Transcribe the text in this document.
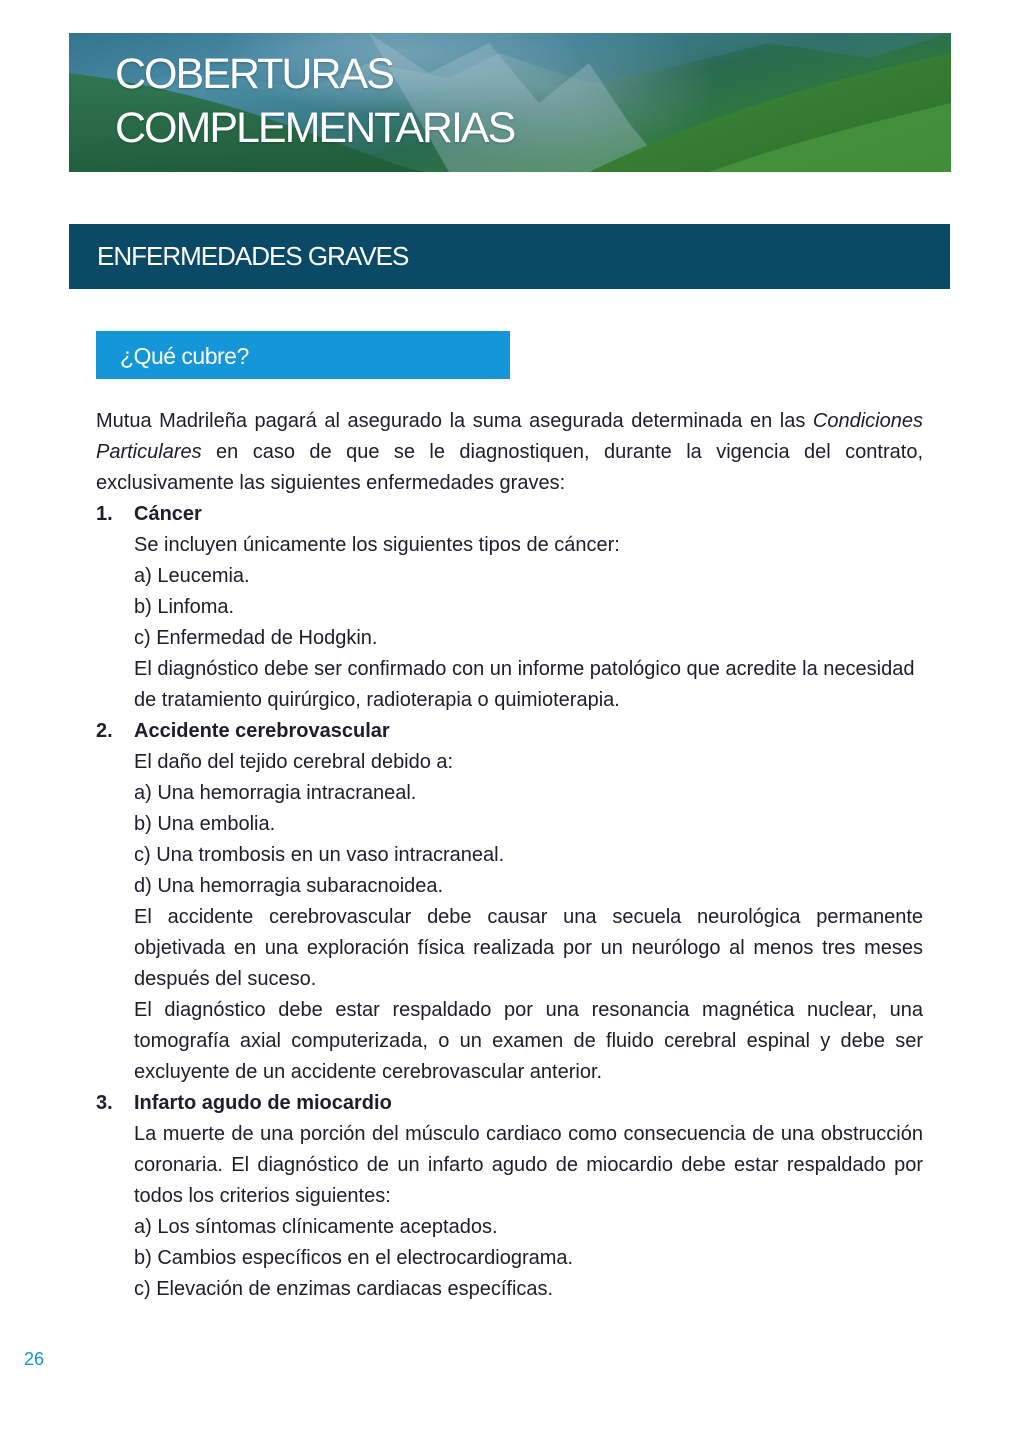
COBERTURAS
COMPLEMENTARIAS
ENFERMEDADES GRAVES
¿Qué cubre?

Mutua Madrileña pagará al asegurado la suma asegurada determinada en las Condiciones Particulares en caso de que se le diagnostiquen, durante la vigencia del contrato, exclusivamente las siguientes enfermedades graves:

1. Cáncer
Se incluyen únicamente los siguientes tipos de cáncer:
a) Leucemia.
b) Linfoma.
c) Enfermedad de Hodgkin.

El diagnóstico debe ser confirmado con un informe patológico que acredite la necesidad de tratamiento quirúrgico, radioterapia o quimioterapia.

2. Accidente cerebrovascular
El daño del tejido cerebral debido a:
a) Una hemorragia intracraneal.
b) Una embolia.
c) Una trombosis en un vaso intracraneal.
d) Una hemorragia subaracnoidea.

El accidente cerebrovascular debe causar una secuela neurológica permanente objetivada en una exploración física realizada por un neurólogo al menos tres meses después del suceso.

El diagnóstico debe estar respaldado por una resonancia magnética nuclear, una tomografía axial computerizada, o un examen de fluido cerebral espinal y debe ser excluyente de un accidente cerebrovascular anterior.

3. Infarto agudo de miocardio

La muerte de una porción del músculo cardiaco como consecuencia de una obstrucción coronaria. El diagnóstico de un infarto agudo de miocardio debe estar respaldado por todos los criterios siguientes:

a) Los síntomas clínicamente aceptados.
b) Cambios específicos en el electrocardiograma.
c) Elevación de enzimas cardiacas específicas.
26
